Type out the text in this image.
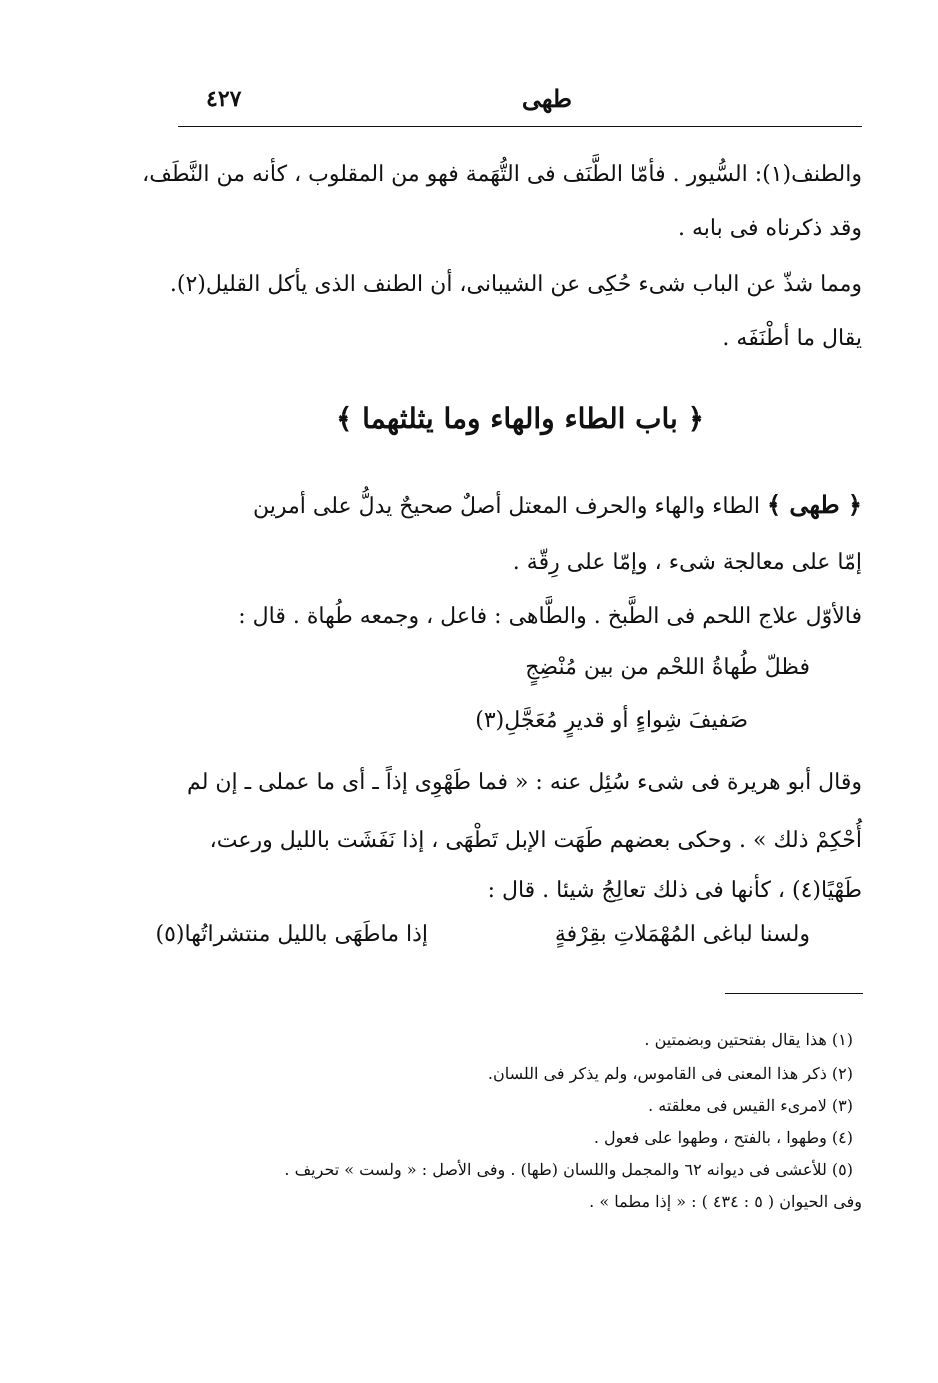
طهى
٤٢٧
والطنف(١): السُّيور . فأمّا الطَّنَف فى التُّهَمة فهو من المقلوب ، كأنه من النَّطَف،
وقد ذكرناه فى بابه .
ومما شذّ عن الباب شىء حُكِى عن الشيبانى، أن الطنف الذى يأكل القليل(٢).
يقال ما أطْنَفَه .
﴿ باب الطاء والهاء وما يثلثهما ﴾
﴿ طهى ﴾ الطاء والهاء والحرف المعتل أصلٌ صحيحٌ يدلُّ على أمرين
إمّا على معالجة شىء ، وإمّا على رِقّة .
فالأوّل علاج اللحم فى الطَّبخ . والطَّاهى : فاعل ، وجمعه طُهاة . قال :
فظلّ طُهاةُ اللحْم من بين مُنْضِجٍ
صَفيفَ شِواءٍ أو قديرٍ مُعَجَّلِ(٣)
وقال أبو هريرة فى شىء سُئِل عنه : « فما طَهْوِى إذاً ـ أى ما عملى ـ إن لم
أُحْكِمْ ذلك » . وحكى بعضهم طَهَت الإبل تَطْهَى ، إذا نَفَشَت بالليل ورعت،
طَهْيًا(٤) ، كأنها فى ذلك تعالِجُ شيئا . قال :
ولسنا لباغى المُهْمَلاتِ بقِرْفةٍ
إذا ماطَهَى بالليل منتشراتُها(٥)
(١) هذا يقال بفتحتين وبضمتين .
(٢) ذكر هذا المعنى فى القاموس، ولم يذكر فى اللسان.
(٣) لامرىء القيس فى معلقته .
(٤) وطهوا ، بالفتح ، وطهوا على فعول .
(٥) للأعشى فى ديوانه ٦٢ والمجمل واللسان (طها) . وفى الأصل : « ولست » تحريف .
وفى الحيوان ( ٥ : ٤٣٤ ) : « إذا مطما » .
